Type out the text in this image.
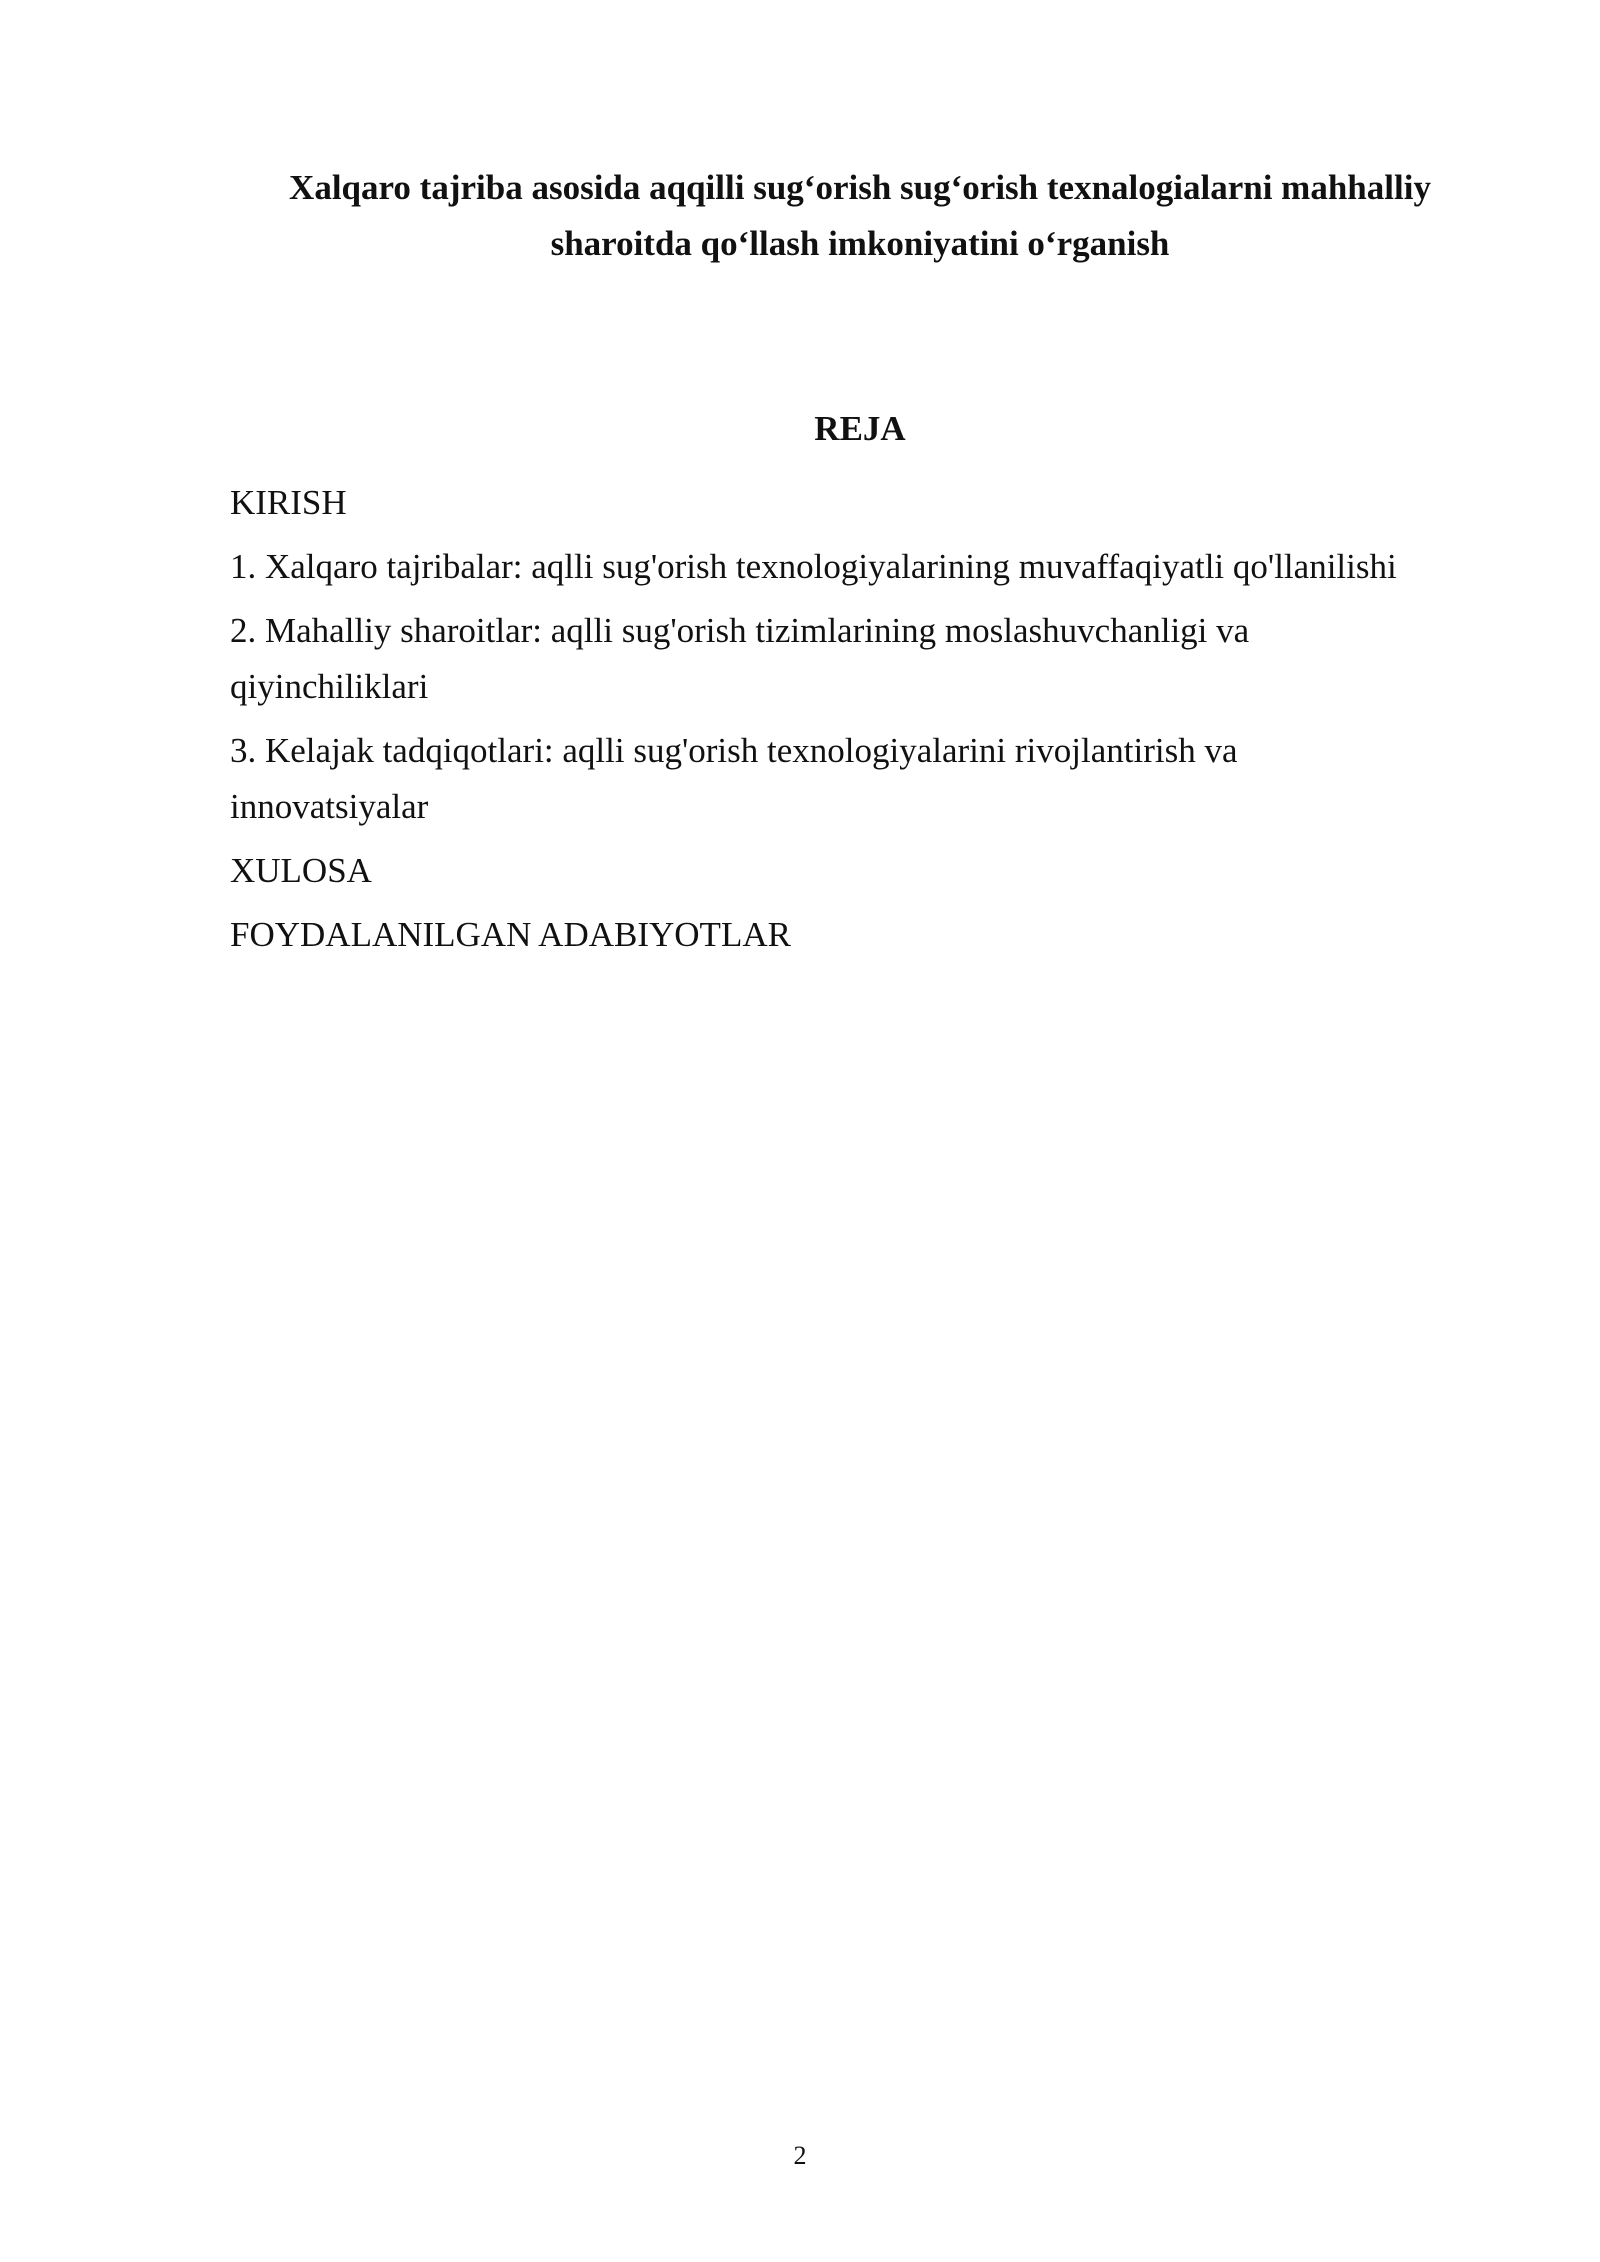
Xalqaro tajriba asosida aqqilli sug‘orish sug‘orish texnalogialarni mahhalliy
sharoitda qo‘llash imkoniyatini o‘rganish
REJA
KIRISH
1. Xalqaro tajribalar: aqlli sug'orish texnologiyalarining muvaffaqiyatli qo'llanilishi
2. Mahalliy sharoitlar: aqlli sug'orish tizimlarining moslashuvchanligi va qiyinchiliklari
3. Kelajak tadqiqotlari: aqlli sug'orish texnologiyalarini rivojlantirish va innovatsiyalar
XULOSA
FOYDALANILGAN ADABIYOTLAR
2
